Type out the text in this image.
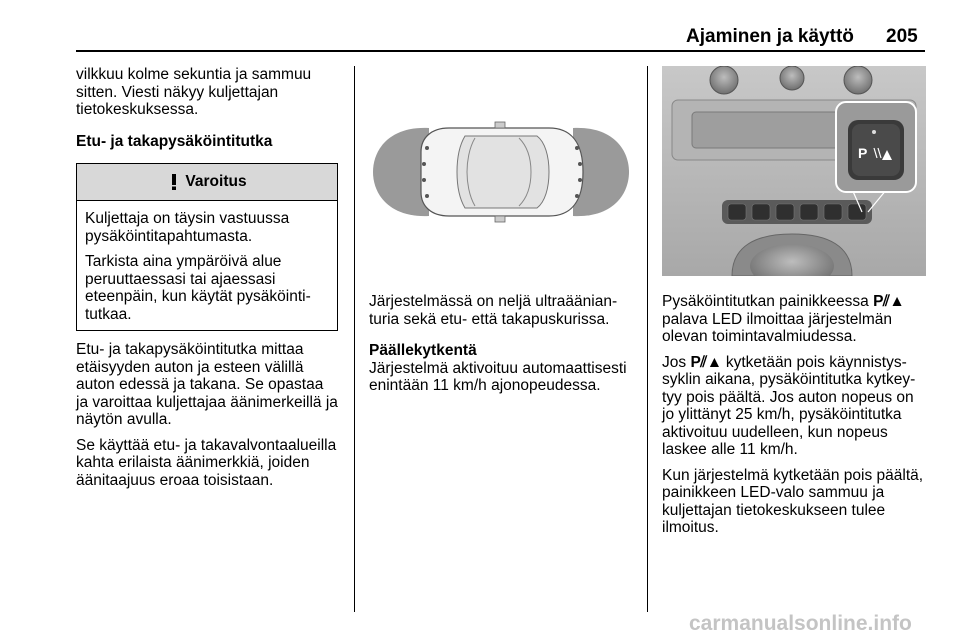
Ajaminen ja käyttö 205

vilkkuu kolme sekuntia ja sammuu sitten. Viesti näkyy kuljettajan tietokeskuksessa.

Etu- ja takapysäköintitutka
Varoitus

Kuljettaja on täysin vastuussa pysäköintitapahtumasta.

Tarkista aina ympäröivä alue peruuttaessasi tai ajaessasi eteenpäin, kun käytät pysäköintitutkaa.

Etu- ja takapysäköintitutka mittaa etäisyyden auton ja esteen välillä auton edessä ja takana. Se opastaa ja varoittaa kuljettajaa äänimerkeillä ja näytön avulla.

Se käyttää etu- ja takavalvontaalueilla kahta erilaista äänimerkkiä, joiden äänitaajuus eroaa toisistaan.

Järjestelmässä on neljä ultraäänianturia sekä etu- että takapuskurissa.

Päällekytkentä

Järjestelmä aktivoituu automaattisesti enintään 11 km/h ajonopeudessa.

P

Pysäköintitutkan painikkeessa P⫽▲ palava LED ilmoittaa järjestelmän olevan toimintavalmiudessa.

Jos P⫽▲ kytketään pois käynnistyssyklin aikana, pysäköintitutka kytkeytyy pois päältä. Jos auton nopeus on jo ylittänyt 25 km/h, pysäköintitutka aktivoituu uudelleen, kun nopeus laskee alle 11 km/h.

Kun järjestelmä kytketään pois päältä, painikkeen LED-valo sammuu ja kuljettajan tietokeskukseen tulee ilmoitus.

carmanualsonline.info
